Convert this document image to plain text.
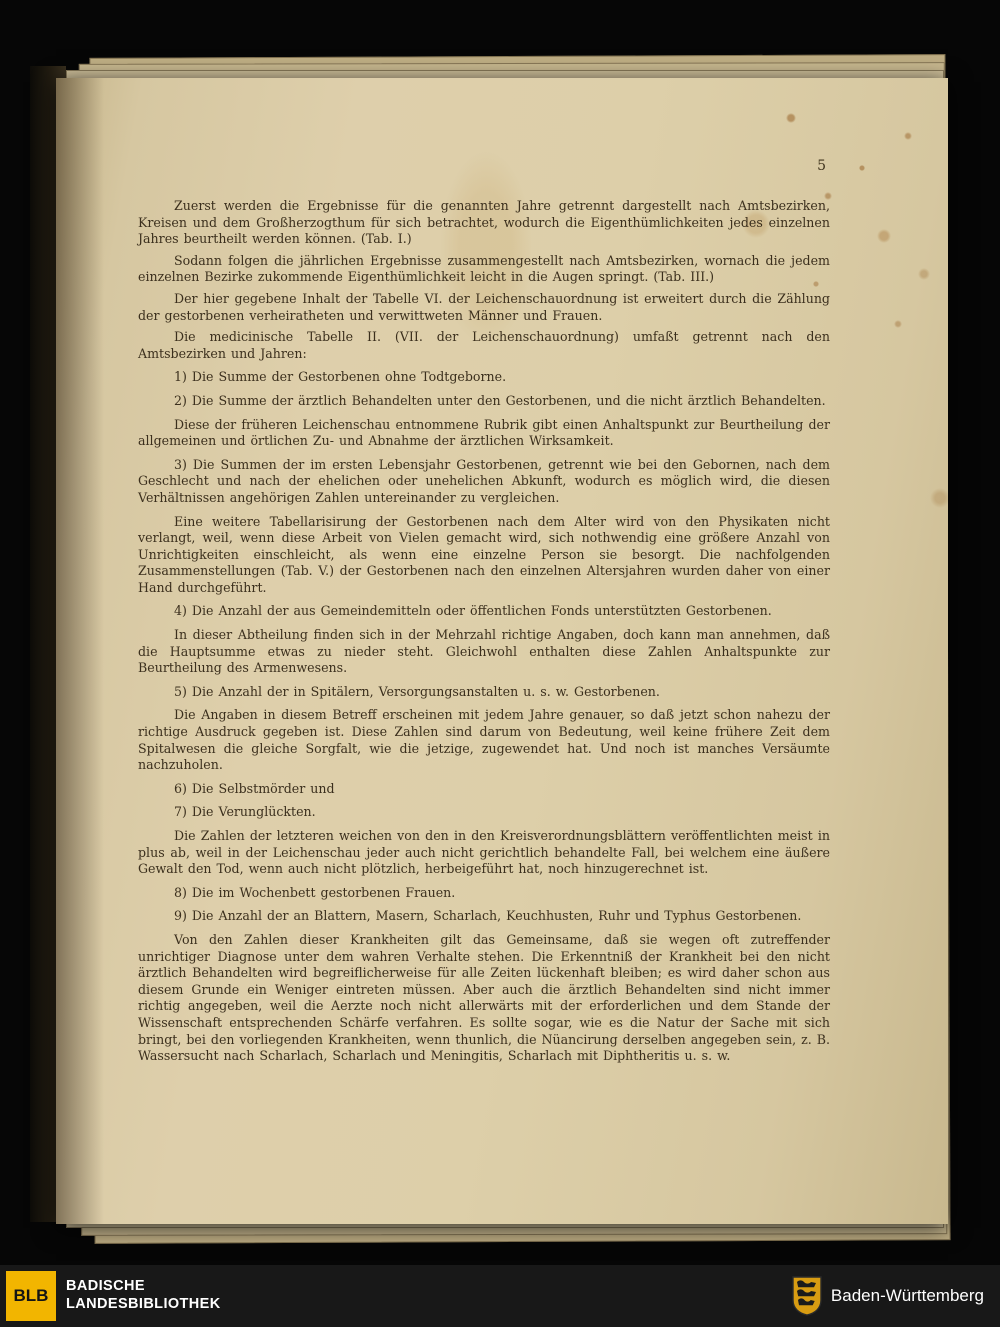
5

Zuerst werden die Ergebnisse für die genannten Jahre getrennt dargestellt nach Amtsbezirken, Kreisen und dem Großherzogthum für sich betrachtet, wodurch die Eigenthümlichkeiten jedes einzelnen Jahres beurtheilt werden können. (Tab. I.)

Sodann folgen die jährlichen Ergebnisse zusammengestellt nach Amtsbezirken, wornach die jedem einzelnen Bezirke zukommende Eigenthümlichkeit leicht in die Augen springt. (Tab. III.)

Der hier gegebene Inhalt der Tabelle VI. der Leichenschauordnung ist erweitert durch die Zählung der gestorbenen verheiratheten und verwittweten Männer und Frauen.

Die medicinische Tabelle II. (VII. der Leichenschauordnung) umfaßt getrennt nach den Amtsbezirken und Jahren:

1) Die Summe der Gestorbenen ohne Todtgeborne.

2) Die Summe der ärztlich Behandelten unter den Gestorbenen, und die nicht ärztlich Behandelten.

Diese der früheren Leichenschau entnommene Rubrik gibt einen Anhaltspunkt zur Beurtheilung der allgemeinen und örtlichen Zu- und Abnahme der ärztlichen Wirksamkeit.

3) Die Summen der im ersten Lebensjahr Gestorbenen, getrennt wie bei den Gebornen, nach dem Geschlecht und nach der ehelichen oder unehelichen Abkunft, wodurch es möglich wird, die diesen Verhältnissen angehörigen Zahlen untereinander zu vergleichen.

Eine weitere Tabellarisirung der Gestorbenen nach dem Alter wird von den Physikaten nicht verlangt, weil, wenn diese Arbeit von Vielen gemacht wird, sich nothwendig eine größere Anzahl von Unrichtigkeiten einschleicht, als wenn eine einzelne Person sie besorgt. Die nachfolgenden Zusammenstellungen (Tab. V.) der Gestorbenen nach den einzelnen Altersjahren wurden daher von einer Hand durchgeführt.

4) Die Anzahl der aus Gemeindemitteln oder öffentlichen Fonds unterstützten Gestorbenen.

In dieser Abtheilung finden sich in der Mehrzahl richtige Angaben, doch kann man annehmen, daß die Hauptsumme etwas zu nieder steht. Gleichwohl enthalten diese Zahlen Anhaltspunkte zur Beurtheilung des Armenwesens.

5) Die Anzahl der in Spitälern, Versorgungsanstalten u. s. w. Gestorbenen.

Die Angaben in diesem Betreff erscheinen mit jedem Jahre genauer, so daß jetzt schon nahezu der richtige Ausdruck gegeben ist. Diese Zahlen sind darum von Bedeutung, weil keine frühere Zeit dem Spitalwesen die gleiche Sorgfalt, wie die jetzige, zugewendet hat. Und noch ist manches Versäumte nachzuholen.

6) Die Selbstmörder und

7) Die Verunglückten.

Die Zahlen der letzteren weichen von den in den Kreisverordnungsblättern veröffentlichten meist in plus ab, weil in der Leichenschau jeder auch nicht gerichtlich behandelte Fall, bei welchem eine äußere Gewalt den Tod, wenn auch nicht plötzlich, herbeigeführt hat, noch hinzugerechnet ist.

8) Die im Wochenbett gestorbenen Frauen.

9) Die Anzahl der an Blattern, Masern, Scharlach, Keuchhusten, Ruhr und Typhus Gestorbenen.

Von den Zahlen dieser Krankheiten gilt das Gemeinsame, daß sie wegen oft zutreffender unrichtiger Diagnose unter dem wahren Verhalte stehen. Die Erkenntniß der Krankheit bei den nicht ärztlich Behandelten wird begreiflicherweise für alle Zeiten lückenhaft bleiben; es wird daher schon aus diesem Grunde ein Weniger eintreten müssen. Aber auch die ärztlich Behandelten sind nicht immer richtig angegeben, weil die Aerzte noch nicht allerwärts mit der erforderlichen und dem Stande der Wissenschaft entsprechenden Schärfe verfahren. Es sollte sogar, wie es die Natur der Sache mit sich bringt, bei den vorliegenden Krankheiten, wenn thunlich, die Nüancirung derselben angegeben sein, z. B. Wassersucht nach Scharlach, Scharlach und Meningitis, Scharlach mit Diphtheritis u. s. w.

BLB BADISCHE
LANDESBIBLIOTHEK	Baden-Württemberg
